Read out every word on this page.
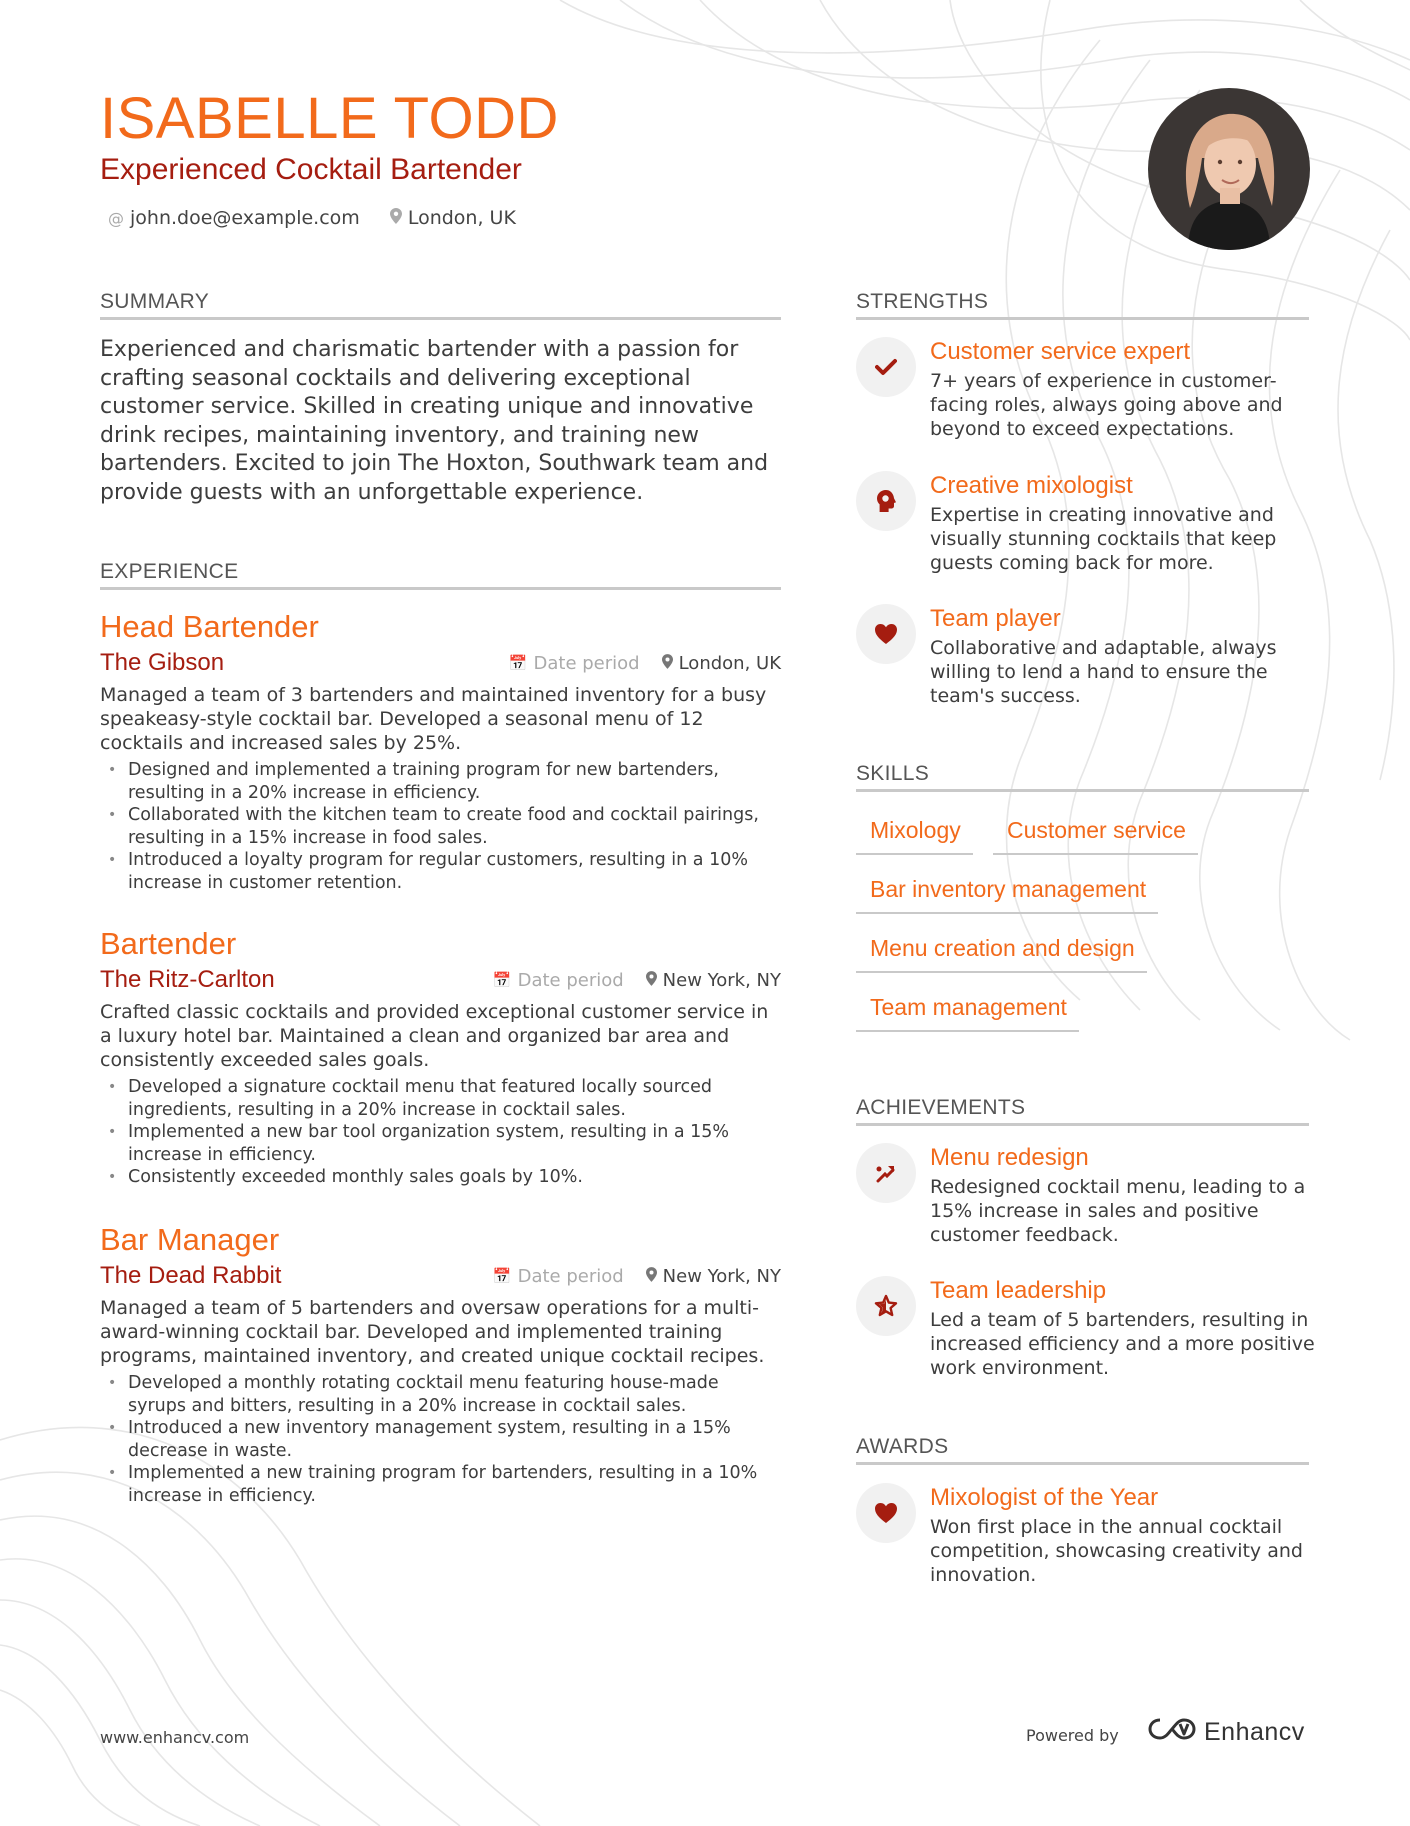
ISABELLE TODD
Experienced Cocktail Bartender
@ john.doe@example.com	London, UK
SUMMARY
Experienced and charismatic bartender with a passion for crafting seasonal cocktails and delivering exceptional customer service. Skilled in creating unique and innovative drink recipes, maintaining inventory, and training new bartenders. Excited to join The Hoxton, Southwark team and provide guests with an unforgettable experience.
EXPERIENCE
Head Bartender
The Gibson	📅 Date period London, UK
Managed a team of 3 bartenders and maintained inventory for a busy speakeasy-style cocktail bar. Developed a seasonal menu of 12 cocktails and increased sales by 25%.
• Designed and implemented a training program for new bartenders, resulting in a 20% increase in efficiency.
• Collaborated with the kitchen team to create food and cocktail pairings, resulting in a 15% increase in food sales.
• Introduced a loyalty program for regular customers, resulting in a 10% increase in customer retention.
Bartender
The Ritz-Carlton	📅 Date period New York, NY
Crafted classic cocktails and provided exceptional customer service in a luxury hotel bar. Maintained a clean and organized bar area and consistently exceeded sales goals.
• Developed a signature cocktail menu that featured locally sourced ingredients, resulting in a 20% increase in cocktail sales.
• Implemented a new bar tool organization system, resulting in a 15% increase in efficiency.
• Consistently exceeded monthly sales goals by 10%.
Bar Manager
The Dead Rabbit	📅 Date period New York, NY
Managed a team of 5 bartenders and oversaw operations for a multi-award-winning cocktail bar. Developed and implemented training programs, maintained inventory, and created unique cocktail recipes.
• Developed a monthly rotating cocktail menu featuring house-made syrups and bitters, resulting in a 20% increase in cocktail sales.
• Introduced a new inventory management system, resulting in a 15% decrease in waste.
• Implemented a new training program for bartenders, resulting in a 10% increase in efficiency.
STRENGTHS
Customer service expert
7+ years of experience in customer-facing roles, always going above and beyond to exceed expectations.
Creative mixologist
Expertise in creating innovative and visually stunning cocktails that keep guests coming back for more.
Team player
Collaborative and adaptable, always willing to lend a hand to ensure the team's success.
SKILLS
Mixology	Customer service
Bar inventory management
Menu creation and design
Team management
ACHIEVEMENTS
Menu redesign
Redesigned cocktail menu, leading to a 15% increase in sales and positive customer feedback.
Team leadership
Led a team of 5 bartenders, resulting in increased efficiency and a more positive work environment.
AWARDS
Mixologist of the Year
Won first place in the annual cocktail competition, showcasing creativity and innovation.
www.enhancv.com	Powered by	Enhancv
